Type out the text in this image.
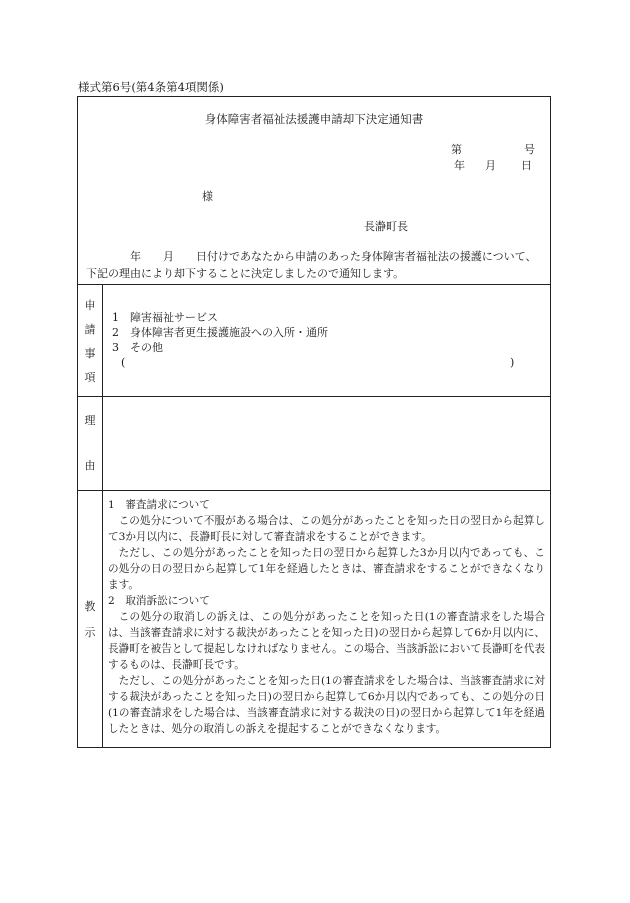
様式第6号(第4条第4項関係)
身体障害者福祉法援護申請却下決定通知書
第	号
年 月 日
様
長瀞町長
　　　　年　　月　　日付けであなたから申請のあった身体障害者福祉法の援護について、下記の理由により却下することに決定しましたので通知します。
申
請
事
項
1　障害福祉サービス
2　身体障害者更生援護施設への入所・通所
3　その他
(	)
理
由
教
示

1　審査請求について

この処分について不服がある場合は、この処分があったことを知った日の翌日から起算して3か月以内に、長瀞町長に対して審査請求をすることができます。

ただし、この処分があったことを知った日の翌日から起算した3か月以内であっても、この処分の日の翌日から起算して1年を経過したときは、審査請求をすることができなくなります。

2　取消訴訟について

この処分の取消しの訴えは、この処分があったことを知った日(1の審査請求をした場合は、当該審査請求に対する裁決があったことを知った日)の翌日から起算して6か月以内に、長瀞町を被告として提起しなければなりません。この場合、当該訴訟において長瀞町を代表するものは、長瀞町長です。

ただし、この処分があったことを知った日(1の審査請求をした場合は、当該審査請求に対する裁決があったことを知った日)の翌日から起算して6か月以内であっても、この処分の日(1の審査請求をした場合は、当該審査請求に対する裁決の日)の翌日から起算して1年を経過したときは、処分の取消しの訴えを提起することができなくなります。
